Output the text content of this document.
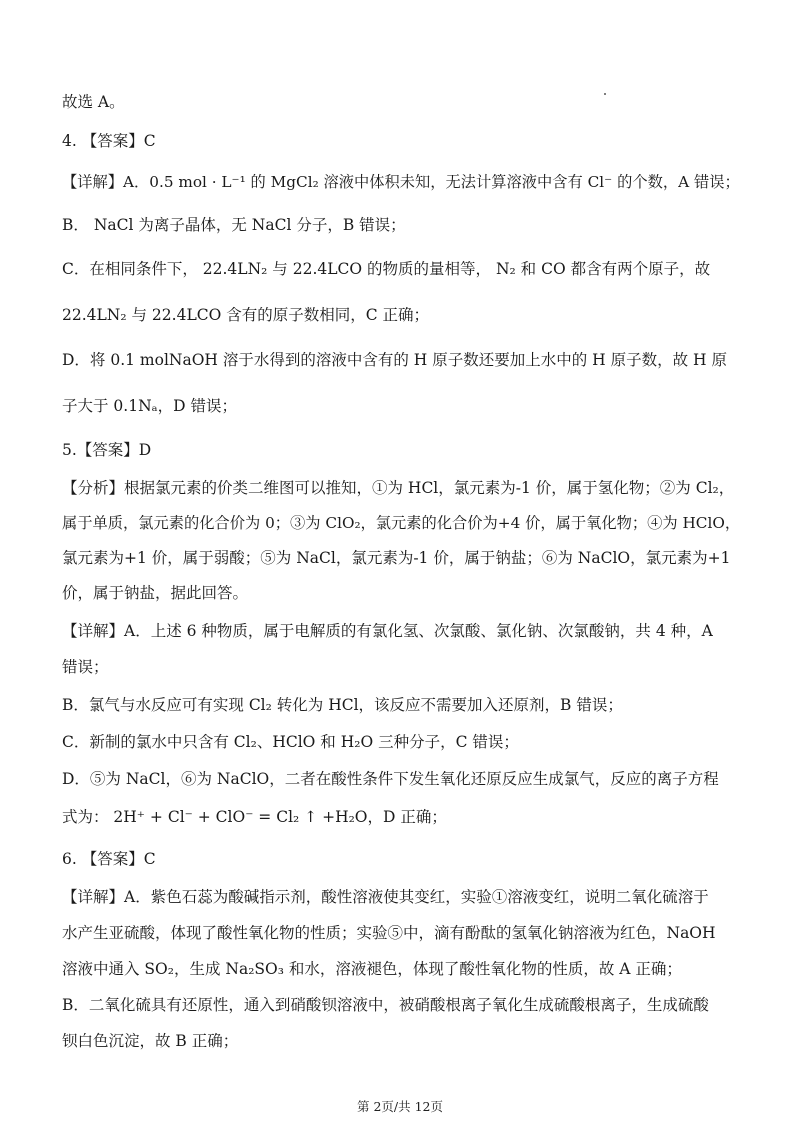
故选 A。
4. 【答案】C
【详解】A．0.5 mol · L⁻¹ 的 MgCl₂ 溶液中体积未知，无法计算溶液中含有 Cl⁻ 的个数，A 错误；
B． NaCl 为离子晶体，无 NaCl 分子，B 错误；
C．在相同条件下， 22.4LN₂ 与 22.4LCO 的物质的量相等， N₂ 和 CO 都含有两个原子，故
22.4LN₂ 与 22.4LCO 含有的原子数相同，C 正确；
D．将 0.1 molNaOH 溶于水得到的溶液中含有的 H 原子数还要加上水中的 H 原子数，故 H 原
子大于 0.1Nₐ，D 错误；
5.【答案】D
【分析】根据氯元素的价类二维图可以推知，①为 HCl，氯元素为-1 价，属于氢化物；②为 Cl₂，
属于单质，氯元素的化合价为 0；③为 ClO₂，氯元素的化合价为+4 价，属于氧化物；④为 HClO，
氯元素为+1 价，属于弱酸；⑤为 NaCl，氯元素为-1 价，属于钠盐；⑥为 NaClO，氯元素为+1
价，属于钠盐，据此回答。
【详解】A．上述 6 种物质，属于电解质的有氯化氢、次氯酸、氯化钠、次氯酸钠，共 4 种，A
错误；
B．氯气与水反应可有实现 Cl₂ 转化为 HCl，该反应不需要加入还原剂，B 错误；
C．新制的氯水中只含有 Cl₂、HClO 和 H₂O 三种分子，C 错误；
D．⑤为 NaCl，⑥为 NaClO，二者在酸性条件下发生氧化还原反应生成氯气，反应的离子方程
式为： 2H⁺ + Cl⁻ + ClO⁻ = Cl₂ ↑ +H₂O，D 正确；
6. 【答案】C
【详解】A．紫色石蕊为酸碱指示剂，酸性溶液使其变红，实验①溶液变红，说明二氧化硫溶于
水产生亚硫酸，体现了酸性氧化物的性质；实验⑤中，滴有酚酞的氢氧化钠溶液为红色，NaOH
溶液中通入 SO₂，生成 Na₂SO₃ 和水，溶液褪色，体现了酸性氧化物的性质，故 A 正确；
B．二氧化硫具有还原性，通入到硝酸钡溶液中，被硝酸根离子氧化生成硫酸根离子，生成硫酸
钡白色沉淀，故 B 正确；
第 2页/共 12页
